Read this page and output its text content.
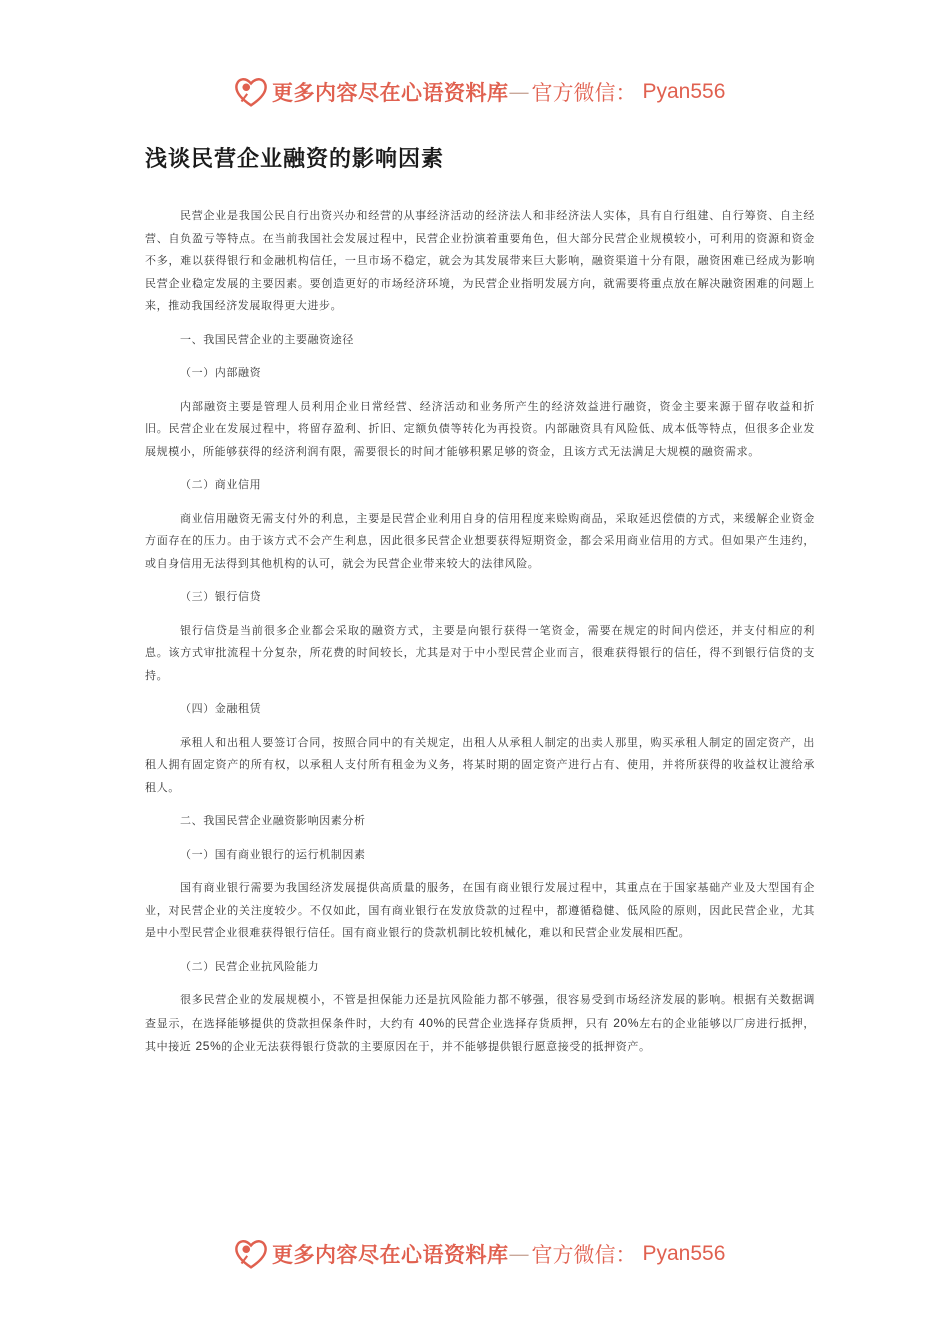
更多内容尽在心语资料库 — 官方微信： Pyan556
浅谈民营企业融资的影响因素

民营企业是我国公民自行出资兴办和经营的从事经济活动的经济法人和非经济法人实体，具有自行组建、自行筹资、自主经营、自负盈亏等特点。在当前我国社会发展过程中，民营企业扮演着重要角色，但大部分民营企业规模较小，可利用的资源和资金不多，难以获得银行和金融机构信任，一旦市场不稳定，就会为其发展带来巨大影响，融资渠道十分有限，融资困难已经成为影响民营企业稳定发展的主要因素。要创造更好的市场经济环境，为民营企业指明发展方向，就需要将重点放在解决融资困难的问题上来，推动我国经济发展取得更大进步。

一、我国民营企业的主要融资途径

（一）内部融资

内部融资主要是管理人员利用企业日常经营、经济活动和业务所产生的经济效益进行融资，资金主要来源于留存收益和折旧。民营企业在发展过程中，将留存盈利、折旧、定额负债等转化为再投资。内部融资具有风险低、成本低等特点，但很多企业发展规模小，所能够获得的经济利润有限，需要很长的时间才能够积累足够的资金，且该方式无法满足大规模的融资需求。

（二）商业信用

商业信用融资无需支付外的利息，主要是民营企业利用自身的信用程度来赊购商品，采取延迟偿债的方式，来缓解企业资金方面存在的压力。由于该方式不会产生利息，因此很多民营企业想要获得短期资金，都会采用商业信用的方式。但如果产生违约，或自身信用无法得到其他机构的认可，就会为民营企业带来较大的法律风险。

（三）银行信贷

银行信贷是当前很多企业都会采取的融资方式，主要是向银行获得一笔资金，需要在规定的时间内偿还，并支付相应的利息。该方式审批流程十分复杂，所花费的时间较长，尤其是对于中小型民营企业而言，很难获得银行的信任，得不到银行信贷的支持。

（四）金融租赁

承租人和出租人要签订合同，按照合同中的有关规定，出租人从承租人制定的出卖人那里，购买承租人制定的固定资产，出租人拥有固定资产的所有权，以承租人支付所有租金为义务，将某时期的固定资产进行占有、使用，并将所获得的收益权让渡给承租人。

二、我国民营企业融资影响因素分析

（一）国有商业银行的运行机制因素

国有商业银行需要为我国经济发展提供高质量的服务，在国有商业银行发展过程中，其重点在于国家基础产业及大型国有企业，对民营企业的关注度较少。不仅如此，国有商业银行在发放贷款的过程中，都遵循稳健、低风险的原则，因此民营企业，尤其是中小型民营企业很难获得银行信任。国有商业银行的贷款机制比较机械化，难以和民营企业发展相匹配。

（二）民营企业抗风险能力

很多民营企业的发展规模小，不管是担保能力还是抗风险能力都不够强，很容易受到市场经济发展的影响。根据有关数据调查显示，在选择能够提供的贷款担保条件时，大约有 40%的民营企业选择存货质押，只有 20%左右的企业能够以厂房进行抵押，其中接近 25%的企业无法获得银行贷款的主要原因在于，并不能够提供银行愿意接受的抵押资产。

更多内容尽在心语资料库 — 官方微信： Pyan556
